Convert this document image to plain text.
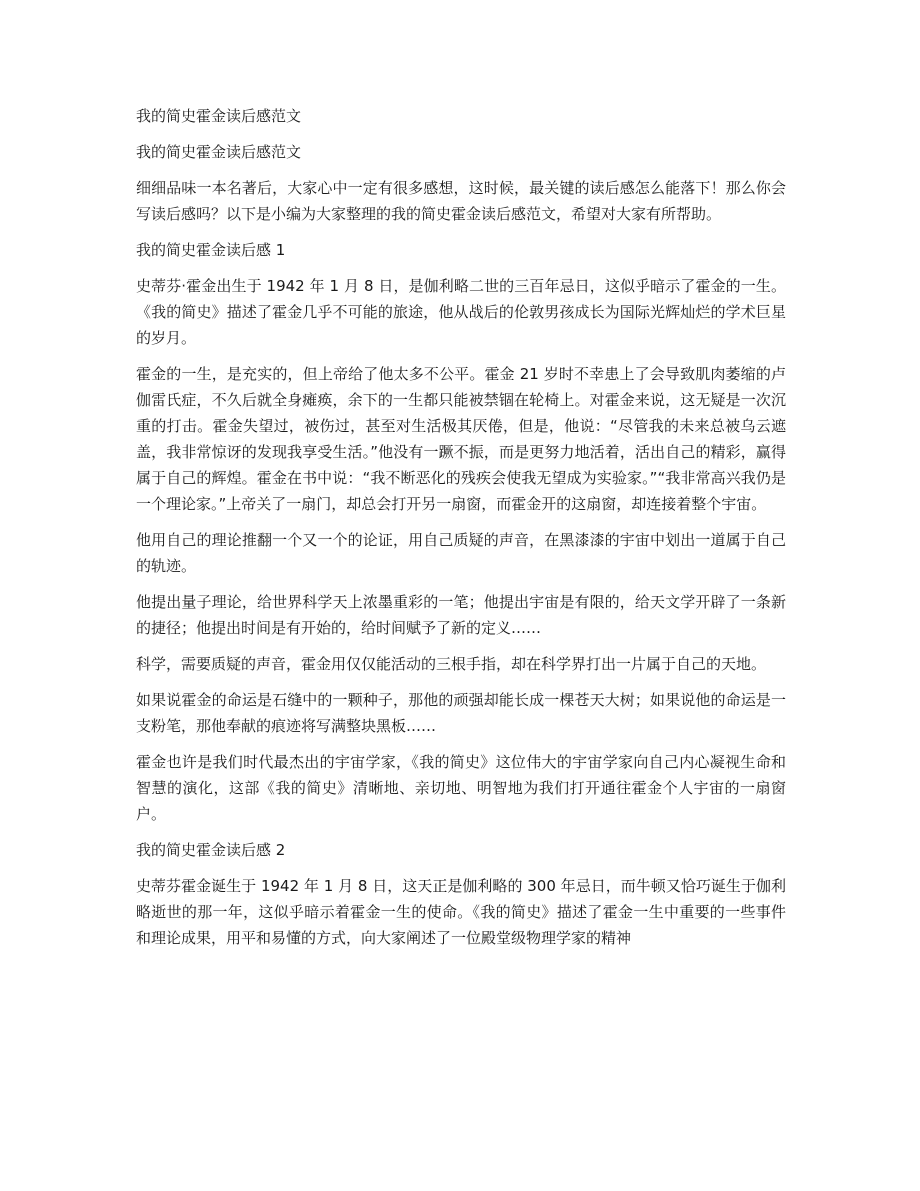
我的简史霍金读后感范文
我的简史霍金读后感范文

细细品味一本名著后，大家心中一定有很多感想，这时候，最关键的读后感怎么能落下！那么你会写读后感吗？以下是小编为大家整理的我的简史霍金读后感范文，希望对大家有所帮助。

我的简史霍金读后感 1

史蒂芬·霍金出生于 1942 年 1 月 8 日，是伽利略二世的三百年忌日，这似乎暗示了霍金的一生。《我的简史》描述了霍金几乎不可能的旅途，他从战后的伦敦男孩成长为国际光辉灿烂的学术巨星的岁月。

霍金的一生，是充实的，但上帝给了他太多不公平。霍金 21 岁时不幸患上了会导致肌肉萎缩的卢伽雷氏症，不久后就全身瘫痪，余下的一生都只能被禁锢在轮椅上。对霍金来说，这无疑是一次沉重的打击。霍金失望过，被伤过，甚至对生活极其厌倦，但是，他说：“尽管我的未来总被乌云遮盖，我非常惊讶的发现我享受生活。”他没有一蹶不振，而是更努力地活着，活出自己的精彩，赢得属于自己的辉煌。霍金在书中说：“我不断恶化的残疾会使我无望成为实验家。”“我非常高兴我仍是一个理论家。”上帝关了一扇门，却总会打开另一扇窗，而霍金开的这扇窗，却连接着整个宇宙。

他用自己的理论推翻一个又一个的论证，用自己质疑的声音，在黑漆漆的宇宙中划出一道属于自己的轨迹。

他提出量子理论，给世界科学天上浓墨重彩的一笔；他提出宇宙是有限的，给天文学开辟了一条新的捷径；他提出时间是有开始的，给时间赋予了新的定义……

科学，需要质疑的声音，霍金用仅仅能活动的三根手指，却在科学界打出一片属于自己的天地。

如果说霍金的命运是石缝中的一颗种子，那他的顽强却能长成一棵苍天大树；如果说他的命运是一支粉笔，那他奉献的痕迹将写满整块黑板……

霍金也许是我们时代最杰出的宇宙学家，《我的简史》这位伟大的宇宙学家向自己内心凝视生命和智慧的演化，这部《我的简史》清晰地、亲切地、明智地为我们打开通往霍金个人宇宙的一扇窗户。

我的简史霍金读后感 2

史蒂芬霍金诞生于 1942 年 1 月 8 日，这天正是伽利略的 300 年忌日，而牛顿又恰巧诞生于伽利略逝世的那一年，这似乎暗示着霍金一生的使命。《我的简史》描述了霍金一生中重要的一些事件和理论成果，用平和易懂的方式，向大家阐述了一位殿堂级物理学家的精神
